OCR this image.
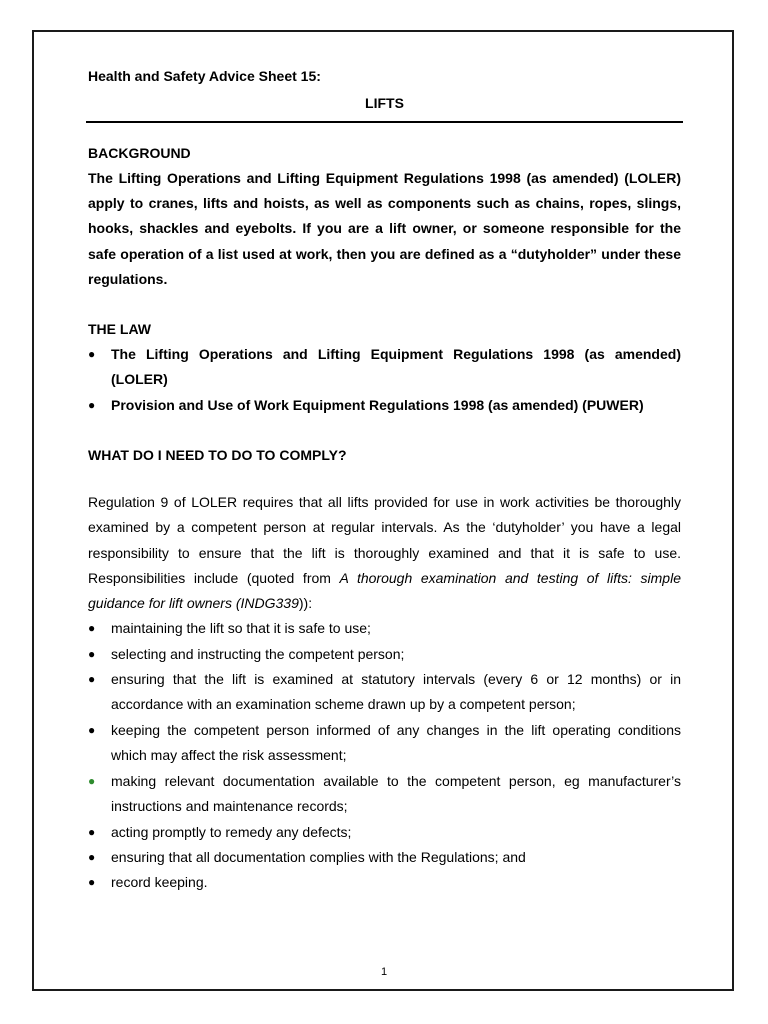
Health and Safety Advice Sheet 15:

LIFTS

BACKGROUND

The Lifting Operations and Lifting Equipment Regulations 1998 (as amended) (LOLER) apply to cranes, lifts and hoists, as well as components such as chains, ropes, slings, hooks, shackles and eyebolts. If you are a lift owner, or someone responsible for the safe operation of a list used at work, then you are defined as a “dutyholder” under these regulations.

THE LAW

● The Lifting Operations and Lifting Equipment Regulations 1998 (as amended) (LOLER)
● Provision and Use of Work Equipment Regulations 1998 (as amended) (PUWER)

WHAT DO I NEED TO DO TO COMPLY?

Regulation 9 of LOLER requires that all lifts provided for use in work activities be thoroughly examined by a competent person at regular intervals. As the ‘dutyholder’ you have a legal responsibility to ensure that the lift is thoroughly examined and that it is safe to use. Responsibilities include (quoted from A thorough examination and testing of lifts: simple guidance for lift owners (INDG339)):

● maintaining the lift so that it is safe to use;
● selecting and instructing the competent person;
● ensuring that the lift is examined at statutory intervals (every 6 or 12 months) or in accordance with an examination scheme drawn up by a competent person;
● keeping the competent person informed of any changes in the lift operating conditions which may affect the risk assessment;
● making relevant documentation available to the competent person, eg manufacturer’s instructions and maintenance records;
● acting promptly to remedy any defects;
● ensuring that all documentation complies with the Regulations; and
● record keeping.
1
